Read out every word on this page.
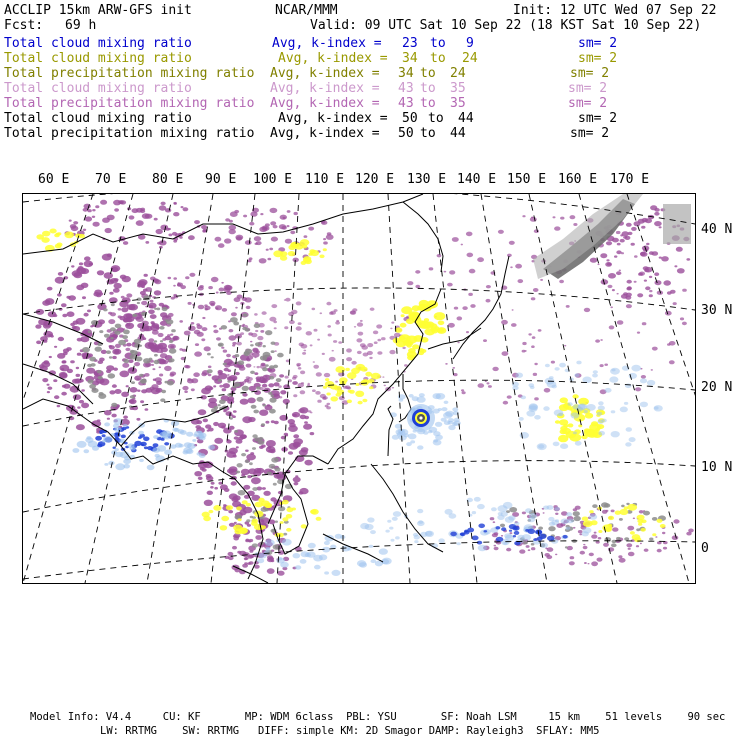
ACCLIP 15km ARW-GFS init	NCAR/MMM	Init: 12 UTC Wed 07 Sep 22
Fcst: 69 h	Valid: 09 UTC Sat 10 Sep 22 (18 KST Sat 10 Sep 22)
Total cloud mixing ratio	Avg, k-index = 23 to 9	sm= 2
Total cloud mixing ratio	Avg, k-index = 34 to 24	sm= 2
Total precipitation mixing ratio Avg, k-index = 34 to 24	sm= 2
Total cloud mixing ratio	Avg, k-index = 43 to 35	sm= 2
Total precipitation mixing ratio Avg, k-index = 43 to 35	sm= 2
Total cloud mixing ratio	Avg, k-index = 50 to 44	sm= 2
Total precipitation mixing ratio Avg, k-index = 50 to 44	sm= 2
60 E 70 E 80 E 90 E 100 E 110 E 120 E 130 E 140 E 150 E 160 E 170 E
40 N
30 N
20 N
10 N
0
Model Info: V4.4     CU: KF       MP: WDM 6class  PBL: YSU       SF: Noah LSM     15 km    51 levels    90 sec
LW: RRTMG    SW: RRTMG   DIFF: simple KM: 2D Smagor DAMP: Rayleigh3  SFLAY: MM5
